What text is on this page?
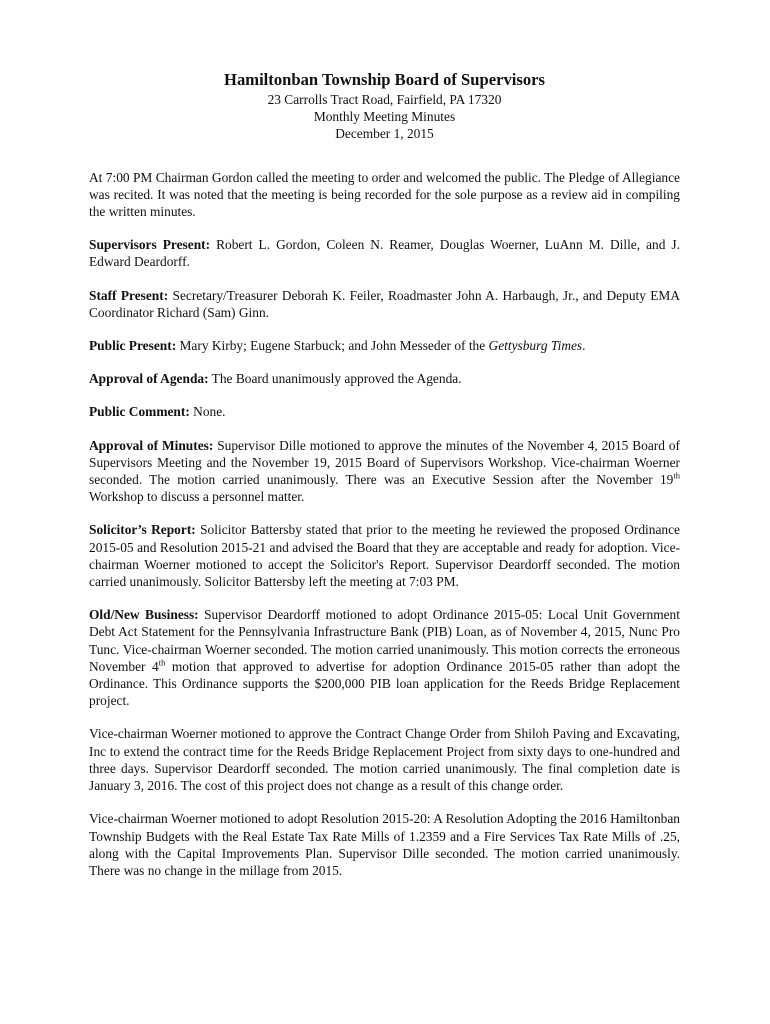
Hamiltonban Township Board of Supervisors
23 Carrolls Tract Road, Fairfield, PA 17320
Monthly Meeting Minutes
December 1, 2015

At 7:00 PM Chairman Gordon called the meeting to order and welcomed the public. The Pledge of Allegiance was recited. It was noted that the meeting is being recorded for the sole purpose as a review aid in compiling the written minutes.

Supervisors Present: Robert L. Gordon, Coleen N. Reamer, Douglas Woerner, LuAnn M. Dille, and J. Edward Deardorff.

Staff Present: Secretary/Treasurer Deborah K. Feiler, Roadmaster John A. Harbaugh, Jr., and Deputy EMA Coordinator Richard (Sam) Ginn.

Public Present: Mary Kirby; Eugene Starbuck; and John Messeder of the Gettysburg Times.

Approval of Agenda: The Board unanimously approved the Agenda.

Public Comment: None.

Approval of Minutes: Supervisor Dille motioned to approve the minutes of the November 4, 2015 Board of Supervisors Meeting and the November 19, 2015 Board of Supervisors Workshop. Vice-chairman Woerner seconded. The motion carried unanimously. There was an Executive Session after the November 19th Workshop to discuss a personnel matter.

Solicitor’s Report: Solicitor Battersby stated that prior to the meeting he reviewed the proposed Ordinance 2015-05 and Resolution 2015-21 and advised the Board that they are acceptable and ready for adoption. Vice-chairman Woerner motioned to accept the Solicitor's Report. Supervisor Deardorff seconded. The motion carried unanimously. Solicitor Battersby left the meeting at 7:03 PM.

Old/New Business: Supervisor Deardorff motioned to adopt Ordinance 2015-05: Local Unit Government Debt Act Statement for the Pennsylvania Infrastructure Bank (PIB) Loan, as of November 4, 2015, Nunc Pro Tunc. Vice-chairman Woerner seconded. The motion carried unanimously. This motion corrects the erroneous November 4th motion that approved to advertise for adoption Ordinance 2015-05 rather than adopt the Ordinance. This Ordinance supports the $200,000 PIB loan application for the Reeds Bridge Replacement project.

Vice-chairman Woerner motioned to approve the Contract Change Order from Shiloh Paving and Excavating, Inc to extend the contract time for the Reeds Bridge Replacement Project from sixty days to one-hundred and three days. Supervisor Deardorff seconded. The motion carried unanimously. The final completion date is January 3, 2016. The cost of this project does not change as a result of this change order.

Vice-chairman Woerner motioned to adopt Resolution 2015-20: A Resolution Adopting the 2016 Hamiltonban Township Budgets with the Real Estate Tax Rate Mills of 1.2359 and a Fire Services Tax Rate Mills of .25, along with the Capital Improvements Plan. Supervisor Dille seconded. The motion carried unanimously. There was no change in the millage from 2015.
